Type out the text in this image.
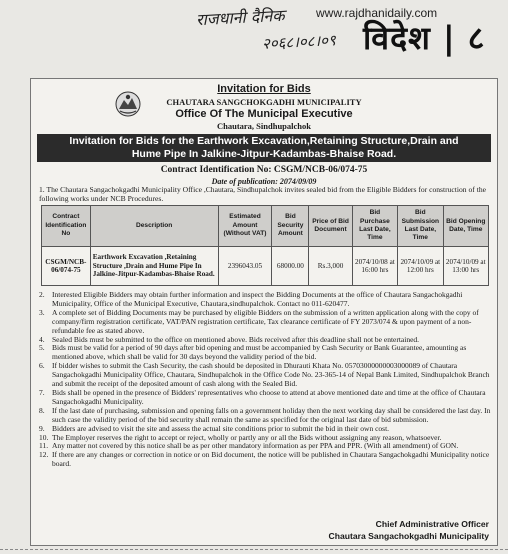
राजधानी दैनिक	www.rajdhanidaily.com
२०६८।०८।०९ विदेश | ८
Invitation for Bids
CHAUTARA SANGCHOKGADHI MUNICIPALITY
Office Of The Municipal Executive
Chautara, Sindhupalchok
Invitation for Bids for the Earthwork Excavation,Retaining Structure,Drain and
Hume Pipe In Jalkine-Jitpur-Kadambas-Bhaise Road.
Contract Identification No: CSGM/NCB-06/074-75
Date of publication: 2074/09/09
1. The Chautara Sangachokgadhi Municipality Office ,Chautara, Sindhupalchok invites sealed bid from the Eligible Bidders for construction of the following works under NCB Procedures.
Contract Identification No	Description	Estimated Amount (Without VAT)	Bid Security Amount	Price of Bid Document	Bid Purchase Last Date, Time	Bid Submission Last Date, Time	Bid Opening Date, Time
CSGM/NCB-06/074-75	Earthwork Excavation ,Retaining Structure ,Drain and Hume Pipe In Jalkine-Jitpur-Kadambas-Bhaise Road.	2396043.05	68000.00	Rs.3,000	2074/10/08 at 16:00 hrs	2074/10/09 at 12:00 hrs	2074/10/09 at 13:00 hrs
2. Interested Eligible Bidders may obtain further information and inspect the Bidding Documents at the office of Chautara Sangachokgadhi Municipality, Office of the Municipal Executive, Chautara,sindhupalchok. Contact no 011-620477.
3. A complete set of Bidding Documents may be purchased by eligible Bidders on the submission of a written application along with the copy of company/firm registration certificate, VAT/PAN registration certificate, Tax clearance certificate of FY 2073/074 & upon payment of a non-refundable fee as stated above.
4. Sealed Bids must be submitted to the office on mentioned above. Bids received after this deadline shall not be entertained.
5. Bids must be valid for a period of 90 days after bid opening and must be accompanied by Cash Security or Bank Guarantee, amounting as mentioned above, which shall be valid for 30 days beyond the validity period of the bid.
6. If bidder wishes to submit the Cash Security, the cash should be deposited in Dhurauti Khata No. 05703000000003000089 of Chautara Sangachokgadhi Municipality Office, Chautara, Sindhupalchok in the Office Code No. 23-365-14 of Nepal Bank Limited, Sindhupalchok Branch and submit the receipt of the deposited amount of cash along with the Sealed Bid.
7. Bids shall be opened in the presence of Bidders' representatives who choose to attend at above mentioned date and time at the office of Chautara Sangachokgadhi Municipality.
8. If the last date of purchasing, submission and opening falls on a government holiday then the next working day shall be considered the last day. In such case the validity period of the bid security shall remain the same as specified for the original last date of bid submission.
9. Bidders are advised to visit the site and assess the actual site conditions prior to submit the bid in their own cost.
10. The Employer reserves the right to accept or reject, wholly or partly any or all the Bids without assigning any reason, whatsoever.
11. Any matter not covered by this notice shall be as per other mandatory information as per PPA and PPR. (With all amendment) of GON.
12. If there are any changes or correction in notice or on Bid document, the notice will be published in Chautara Sangachokgadhi Municipality notice board.
Chief Administrative Officer
Chautara Sangachokgadhi Municipality
